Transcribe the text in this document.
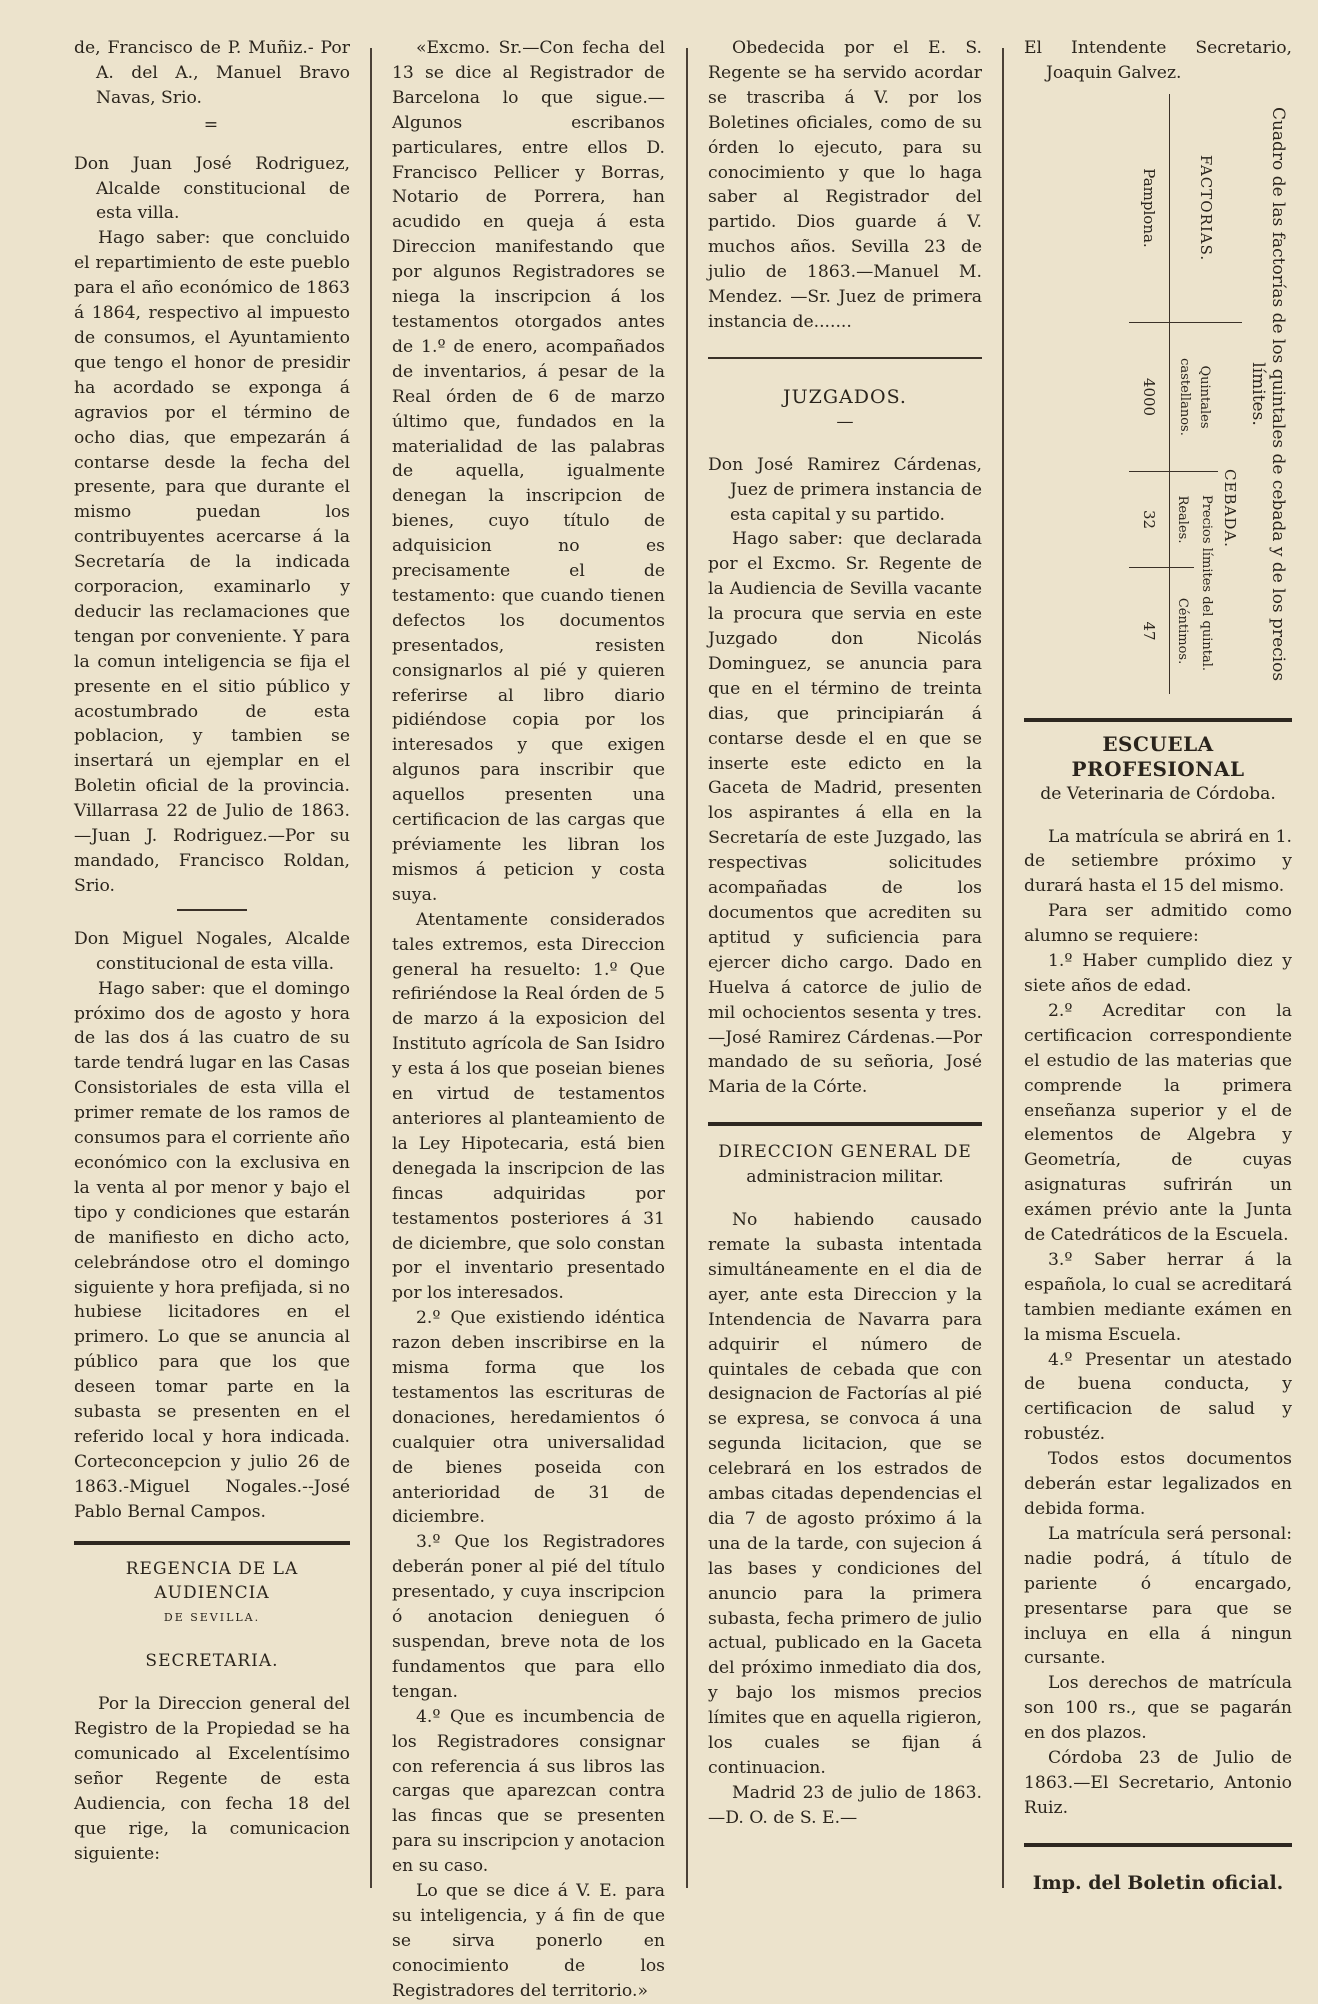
de, Francisco de P. Muñiz.- Por A. del A., Manuel Bravo Navas, Srio.

=

Don Juan José Rodriguez, Alcalde constitucional de esta villa.

Hago saber: que concluido el repartimiento de este pueblo para el año económico de 1863 á 1864, respectivo al impuesto de consumos, el Ayuntamiento que tengo el honor de presidir ha acordado se exponga á agravios por el término de ocho dias, que empezarán á contarse desde la fecha del presente, para que durante el mismo puedan los contribuyentes acercarse á la Secretaría de la indicada corporacion, examinarlo y deducir las reclamaciones que tengan por conveniente. Y para la comun inteligencia se fija el presente en el sitio público y acostumbrado de esta poblacion, y tambien se insertará un ejemplar en el Boletin oficial de la provincia. Villarrasa 22 de Julio de 1863. —Juan J. Rodriguez.—Por su mandado, Francisco Roldan, Srio.

Don Miguel Nogales, Alcalde constitucional de esta villa.

Hago saber: que el domingo próximo dos de agosto y hora de las dos á las cuatro de su tarde tendrá lugar en las Casas Consistoriales de esta villa el primer remate de los ramos de consumos para el corriente año económico con la exclusiva en la venta al por menor y bajo el tipo y condiciones que estarán de manifiesto en dicho acto, celebrándose otro el domingo siguiente y hora prefijada, si no hubiese licitadores en el primero. Lo que se anuncia al público para que los que deseen tomar parte en la subasta se presenten en el referido local y hora indicada. Corteconcepcion y julio 26 de 1863.-Miguel Nogales.--José Pablo Bernal Campos.

REGENCIA DE LA AUDIENCIA
DE SEVILLA.
SECRETARIA.

Por la Direccion general del Registro de la Propiedad se ha comunicado al Excelentísimo señor Regente de esta Audiencia, con fecha 18 del que rige, la comunicacion siguiente:

«Excmo. Sr.—Con fecha del 13 se dice al Registrador de Barcelona lo que sigue.—Algunos escribanos particulares, entre ellos D. Francisco Pellicer y Borras, Notario de Porrera, han acudido en queja á esta Direccion manifestando que por algunos Registradores se niega la inscripcion á los testamentos otorgados antes de 1.º de enero, acompañados de inventarios, á pesar de la Real órden de 6 de marzo último que, fundados en la materialidad de las palabras de aquella, igualmente denegan la inscripcion de bienes, cuyo título de adquisicion no es precisamente el de testamento: que cuando tienen defectos los documentos presentados, resisten consignarlos al pié y quieren referirse al libro diario pidiéndose copia por los interesados y que exigen algunos para inscribir que aquellos presenten una certificacion de las cargas que préviamente les libran los mismos á peticion y costa suya.

Atentamente considerados tales extremos, esta Direccion general ha resuelto: 1.º Que refiriéndose la Real órden de 5 de marzo á la exposicion del Instituto agrícola de San Isidro y esta á los que poseian bienes en virtud de testamentos anteriores al planteamiento de la Ley Hipotecaria, está bien denegada la inscripcion de las fincas adquiridas por testamentos posteriores á 31 de diciembre, que solo constan por el inventario presentado por los interesados.

2.º Que existiendo idéntica razon deben inscribirse en la misma forma que los testamentos las escrituras de donaciones, heredamientos ó cualquier otra universalidad de bienes poseida con anterioridad de 31 de diciembre.

3.º Que los Registradores deberán poner al pié del título presentado, y cuya inscripcion ó anotacion denieguen ó suspendan, breve nota de los fundamentos que para ello tengan.

4.º Que es incumbencia de los Registradores consignar con referencia á sus libros las cargas que aparezcan contra las fincas que se presenten para su inscripcion y anotacion en su caso.

Lo que se dice á V. E. para su inteligencia, y á fin de que se sirva ponerlo en conocimiento de los Registradores del territorio.»

Obedecida por el E. S. Regente se ha servido acordar se trascriba á V. por los Boletines oficiales, como de su órden lo ejecuto, para su conocimiento y que lo haga saber al Registrador del partido. Dios guarde á V. muchos años. Sevilla 23 de julio de 1863.—Manuel M. Mendez. —Sr. Juez de primera instancia de.......

JUZGADOS.
—

Don José Ramirez Cárdenas, Juez de primera instancia de esta capital y su partido.

Hago saber: que declarada por el Excmo. Sr. Regente de la Audiencia de Sevilla vacante la procura que servia en este Juzgado don Nicolás Dominguez, se anuncia para que en el término de treinta dias, que principiarán á contarse desde el en que se inserte este edicto en la Gaceta de Madrid, presenten los aspirantes á ella en la Secretaría de este Juzgado, las respectivas solicitudes acompañadas de los documentos que acrediten su aptitud y suficiencia para ejercer dicho cargo. Dado en Huelva á catorce de julio de mil ochocientos sesenta y tres.—José Ramirez Cárdenas.—Por mandado de su señoria, José Maria de la Córte.

DIRECCION GENERAL DE
administracion militar.

No habiendo causado remate la subasta intentada simultáneamente en el dia de ayer, ante esta Direccion y la Intendencia de Navarra para adquirir el número de quintales de cebada que con designacion de Factorías al pié se expresa, se convoca á una segunda licitacion, que se celebrará en los estrados de ambas citadas dependencias el dia 7 de agosto próximo á la una de la tarde, con sujecion á las bases y condiciones del anuncio para la primera subasta, fecha primero de julio actual, publicado en la Gaceta del próximo inmediato dia dos, y bajo los mismos precios límites que en aquella rigieron, los cuales se fijan á continuacion.

Madrid 23 de julio de 1863.—D. O. de S. E.—

El Intendente Secretario, Joaquin Galvez.

Cuadro de las factorías de los quintales de cebada y de los precios límites.			
FACTORIAS.	CEBADA.		
	Quintales castellanos.	Precios límites del quintal.	
		Reales.	Céntimos.
Pamplona.	4000	32	47
ESCUELA PROFESIONAL
de Veterinaria de Córdoba.

La matrícula se abrirá en 1. de setiembre próximo y durará hasta el 15 del mismo.

Para ser admitido como alumno se requiere:

1.º Haber cumplido diez y siete años de edad.

2.º Acreditar con la certificacion correspondiente el estudio de las materias que comprende la primera enseñanza superior y el de elementos de Algebra y Geometría, de cuyas asignaturas sufrirán un exámen prévio ante la Junta de Catedráticos de la Escuela.

3.º Saber herrar á la española, lo cual se acreditará tambien mediante exámen en la misma Escuela.

4.º Presentar un atestado de buena conducta, y certificacion de salud y robustéz.

Todos estos documentos deberán estar legalizados en debida forma.

La matrícula será personal: nadie podrá, á título de pariente ó encargado, presentarse para que se incluya en ella á ningun cursante.

Los derechos de matrícula son 100 rs., que se pagarán en dos plazos.

Córdoba 23 de Julio de 1863.—El Secretario, Antonio Ruiz.

Imp. del Boletin oficial.
